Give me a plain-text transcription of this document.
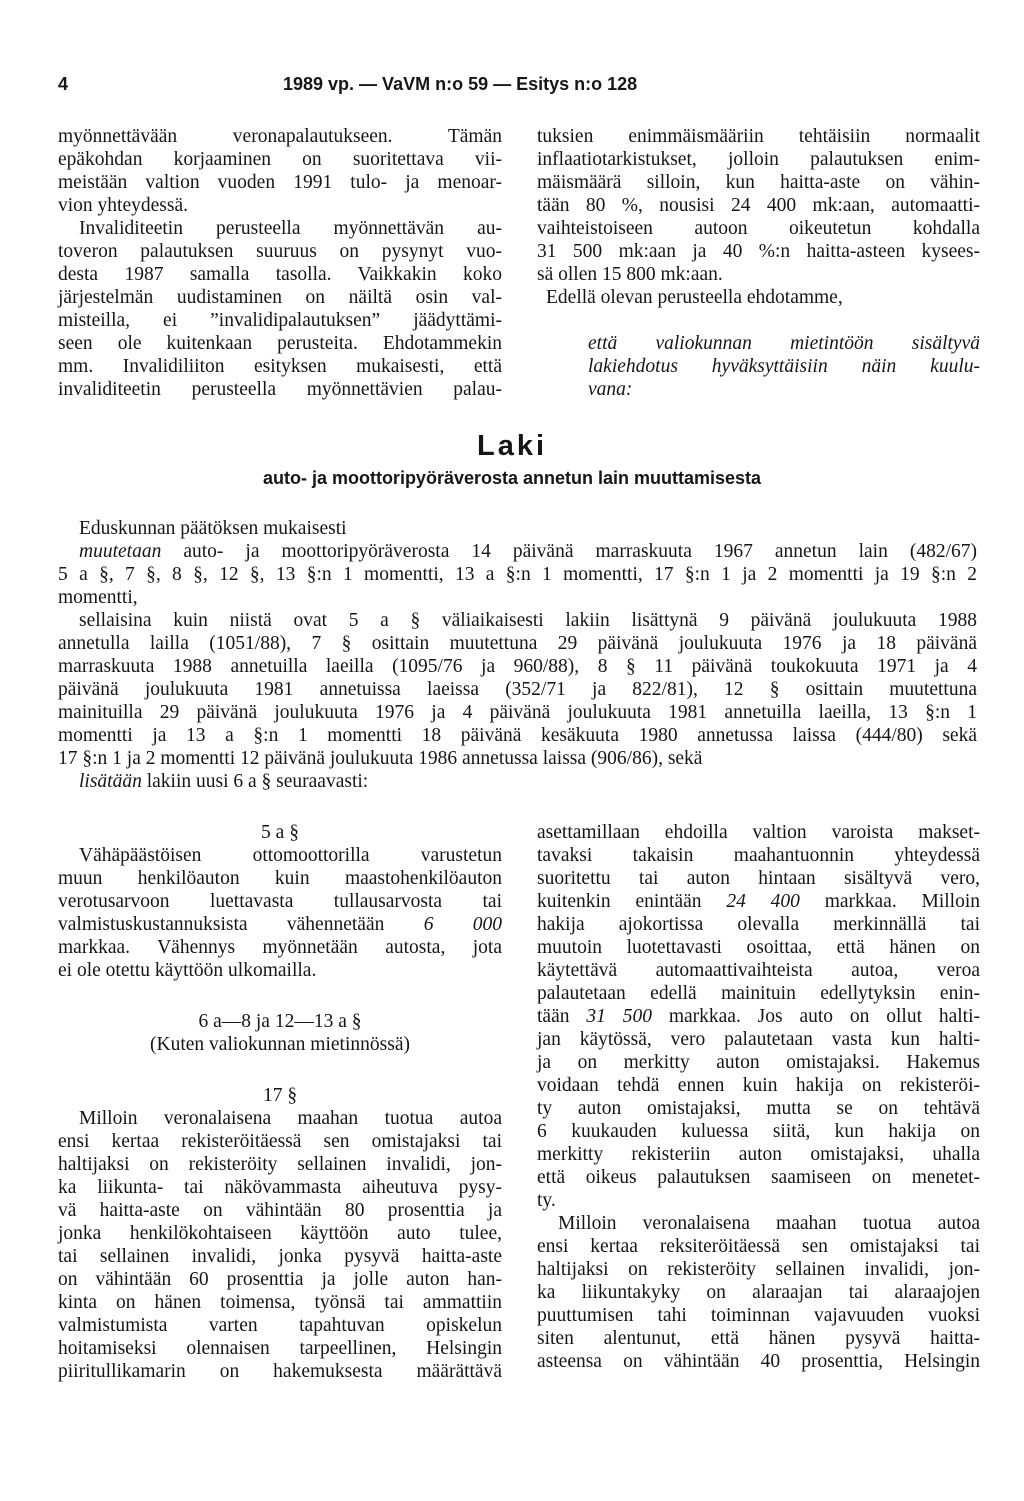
4	1989 vp. — VaVM n:o 59 — Esitys n:o 128
myönnettävään veronapalautukseen. Tämän
epäkohdan korjaaminen on suoritettava vii-
meistään valtion vuoden 1991 tulo- ja menoar-
vion yhteydessä.
Invaliditeetin perusteella myönnettävän au-
toveron palautuksen suuruus on pysynyt vuo-
desta 1987 samalla tasolla. Vaikkakin koko
järjestelmän uudistaminen on näiltä osin val-
misteilla, ei ”invalidipalautuksen” jäädyttämi-
seen ole kuitenkaan perusteita. Ehdotammekin
mm. Invalidiliiton esityksen mukaisesti, että
invaliditeetin perusteella myönnettävien palau-
tuksien enimmäismääriin tehtäisiin normaalit
inflaatiotarkistukset, jolloin palautuksen enim-
mäismäärä silloin, kun haitta-aste on vähin-
tään 80 %, nousisi 24 400 mk:aan, automaatti-
vaihteistoiseen autoon oikeutetun kohdalla
31 500 mk:aan ja 40 %:n haitta-asteen kysees-
sä ollen 15 800 mk:aan.
Edellä olevan perusteella ehdotamme,
että valiokunnan mietintöön sisältyvä
lakiehdotus hyväksyttäisiin näin kuulu-
vana:
Laki
auto- ja moottoripyöräverosta annetun lain muuttamisesta
Eduskunnan päätöksen mukaisesti
muutetaan auto- ja moottoripyöräverosta 14 päivänä marraskuuta 1967 annetun lain (482/67)
5 a §, 7 §, 8 §, 12 §, 13 §:n 1 momentti, 13 a §:n 1 momentti, 17 §:n 1 ja 2 momentti ja 19 §:n 2
momentti,
sellaisina kuin niistä ovat 5 a § väliaikaisesti lakiin lisättynä 9 päivänä joulukuuta 1988
annetulla lailla (1051/88), 7 § osittain muutettuna 29 päivänä joulukuuta 1976 ja 18 päivänä
marraskuuta 1988 annetuilla laeilla (1095/76 ja 960/88), 8 § 11 päivänä toukokuuta 1971 ja 4
päivänä joulukuuta 1981 annetuissa laeissa (352/71 ja 822/81), 12 § osittain muutettuna
mainituilla 29 päivänä joulukuuta 1976 ja 4 päivänä joulukuuta 1981 annetuilla laeilla, 13 §:n 1
momentti ja 13 a §:n 1 momentti 18 päivänä kesäkuuta 1980 annetussa laissa (444/80) sekä
17 §:n 1 ja 2 momentti 12 päivänä joulukuuta 1986 annetussa laissa (906/86), sekä
lisätään lakiin uusi 6 a § seuraavasti:
5 a §
Vähäpäästöisen ottomoottorilla varustetun
muun henkilöauton kuin maastohenkilöauton
verotusarvoon luettavasta tullausarvosta tai
valmistuskustannuksista vähennetään 6 000
markkaa. Vähennys myönnetään autosta, jota
ei ole otettu käyttöön ulkomailla.
6 a—8 ja 12—13 a §
(Kuten valiokunnan mietinnössä)
17 §
Milloin veronalaisena maahan tuotua autoa
ensi kertaa rekisteröitäessä sen omistajaksi tai
haltijaksi on rekisteröity sellainen invalidi, jon-
ka liikunta- tai näkövammasta aiheutuva pysy-
vä haitta-aste on vähintään 80 prosenttia ja
jonka henkilökohtaiseen käyttöön auto tulee,
tai sellainen invalidi, jonka pysyvä haitta-aste
on vähintään 60 prosenttia ja jolle auton han-
kinta on hänen toimensa, työnsä tai ammattiin
valmistumista varten tapahtuvan opiskelun
hoitamiseksi olennaisen tarpeellinen, Helsingin
piiritullikamarin on hakemuksesta määrättävä
asettamillaan ehdoilla valtion varoista makset-
tavaksi takaisin maahantuonnin yhteydessä
suoritettu tai auton hintaan sisältyvä vero,
kuitenkin enintään 24 400 markkaa. Milloin
hakija ajokortissa olevalla merkinnällä tai
muutoin luotettavasti osoittaa, että hänen on
käytettävä automaattivaihteista autoa, veroa
palautetaan edellä mainituin edellytyksin enin-
tään 31 500 markkaa. Jos auto on ollut halti-
jan käytössä, vero palautetaan vasta kun halti-
ja on merkitty auton omistajaksi. Hakemus
voidaan tehdä ennen kuin hakija on rekisteröi-
ty auton omistajaksi, mutta se on tehtävä
6 kuukauden kuluessa siitä, kun hakija on
merkitty rekisteriin auton omistajaksi, uhalla
että oikeus palautuksen saamiseen on menetet-
ty.
Milloin veronalaisena maahan tuotua autoa
ensi kertaa reksiteröitäessä sen omistajaksi tai
haltijaksi on rekisteröity sellainen invalidi, jon-
ka liikuntakyky on alaraajan tai alaraajojen
puuttumisen tahi toiminnan vajavuuden vuoksi
siten alentunut, että hänen pysyvä haitta-
asteensa on vähintään 40 prosenttia, Helsingin
